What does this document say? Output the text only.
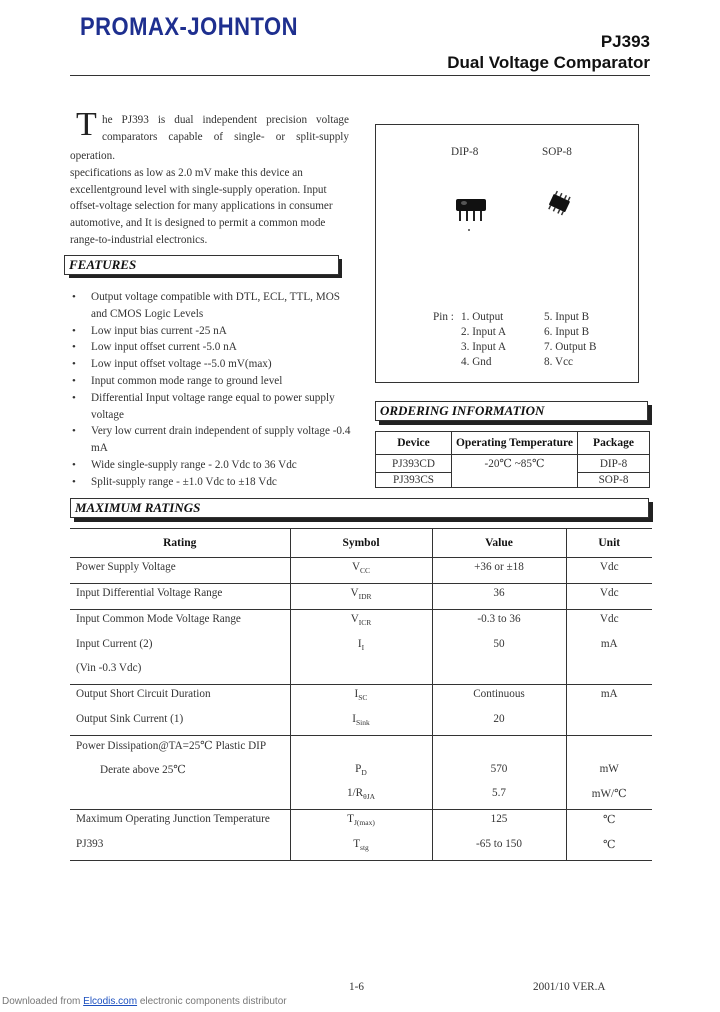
PROMAX-JOHNTON
PJ393
Dual Voltage Comparator
T he PJ393 is dual independent precision voltage
comparators capable of single- or split-supply
operation.
specifications as low as 2.0 mV make this device an
excellentground level with single-supply operation. Input
offset-voltage selection for many applications in consumer
automotive, and It is designed to permit a common mode
range-to-industrial electronics.
FEATURES
• Output voltage compatible with DTL, ECL, TTL, MOS and CMOS Logic Levels
• Low input bias current -25 nA
• Low input offset current -5.0 nA
• Low input offset voltage --5.0 mV(max)
• Input common mode range to ground level
• Differential Input voltage range equal to power supply voltage
• Very low current drain independent of supply voltage -0.4 mA
• Wide single-supply range - 2.0 Vdc to 36 Vdc
• Split-supply range - ±1.0 Vdc to ±18 Vdc
DIP-8	SOP-8
Pin : 1. Output
2. Input A
3. Input A
4. Gnd
5. Input B
6. Input B
7. Output B
8. Vcc
ORDERING INFORMATION
Device	Operating Temperature	Package
PJ393CD	-20℃ ~85℃	DIP-8
PJ393CS		SOP-8
MAXIMUM RATINGS
Rating	Symbol	Value	Unit
Power Supply Voltage	$V_{CC}$	+36 or ±18	Vdc
Input Differential Voltage Range	$V_{IDR}$	36	Vdc
Input Common Mode Voltage Range	$V_{ICR}$	-0.3 to 36	Vdc
Input Current (2)	$I_I$	50	mA
(Vin -0.3 Vdc)			
Output Short Circuit Duration	$I_{SC}$	Continuous	mA
Output Sink Current (1)	$I_{Sink}$	20	
Power Dissipation@TA=25℃ Plastic DIP			
Derate above 25℃	$P_D$	570	mW
	$1/R_{\theta JA}$	5.7	mW/℃
Maximum Operating Junction Temperature	$T_{J(max)}$	125	℃
PJ393	$T_{stg}$	-65 to 150	℃
1-6	2001/10 VER.A
Downloaded from Elcodis.com electronic components distributor
